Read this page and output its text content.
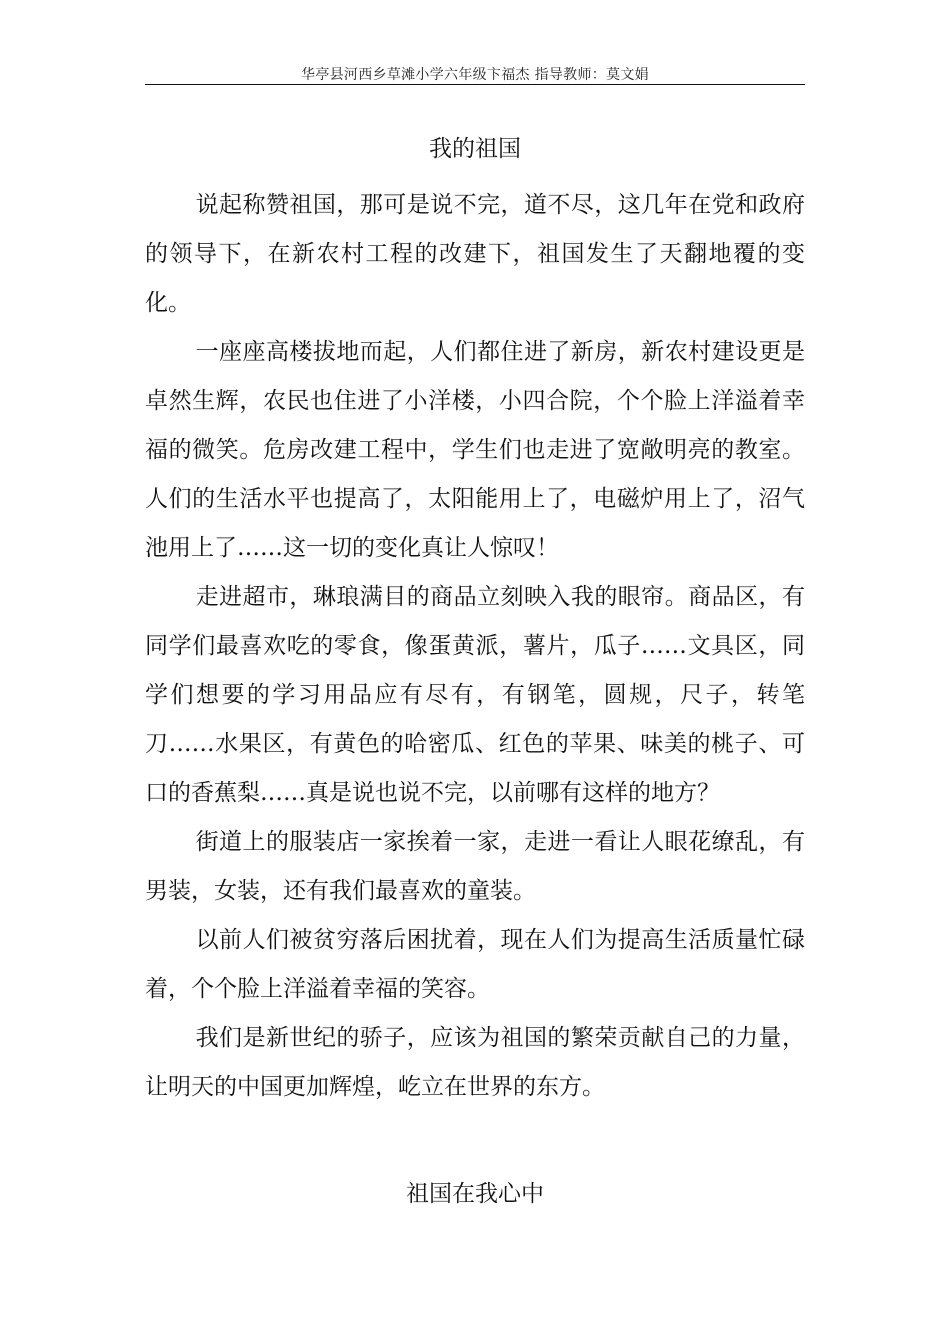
华亭县河西乡草滩小学六年级卞福杰 指导教师：莫文娟
我的祖国

说起称赞祖国，那可是说不完，道不尽，这几年在党和政府的领导下，在新农村工程的改建下，祖国发生了天翻地覆的变化。

一座座高楼拔地而起，人们都住进了新房，新农村建设更是卓然生辉，农民也住进了小洋楼，小四合院，个个脸上洋溢着幸福的微笑。危房改建工程中，学生们也走进了宽敞明亮的教室。人们的生活水平也提高了，太阳能用上了，电磁炉用上了，沼气池用上了……这一切的变化真让人惊叹！

走进超市，琳琅满目的商品立刻映入我的眼帘。商品区，有同学们最喜欢吃的零食，像蛋黄派，薯片，瓜子……文具区，同学们想要的学习用品应有尽有，有钢笔，圆规，尺子，转笔刀……水果区，有黄色的哈密瓜、红色的苹果、味美的桃子、可口的香蕉梨……真是说也说不完，以前哪有这样的地方？

街道上的服装店一家挨着一家，走进一看让人眼花缭乱，有男装，女装，还有我们最喜欢的童装。

以前人们被贫穷落后困扰着，现在人们为提高生活质量忙碌着，个个脸上洋溢着幸福的笑容。

我们是新世纪的骄子，应该为祖国的繁荣贡献自己的力量，让明天的中国更加辉煌，屹立在世界的东方。

祖国在我心中
